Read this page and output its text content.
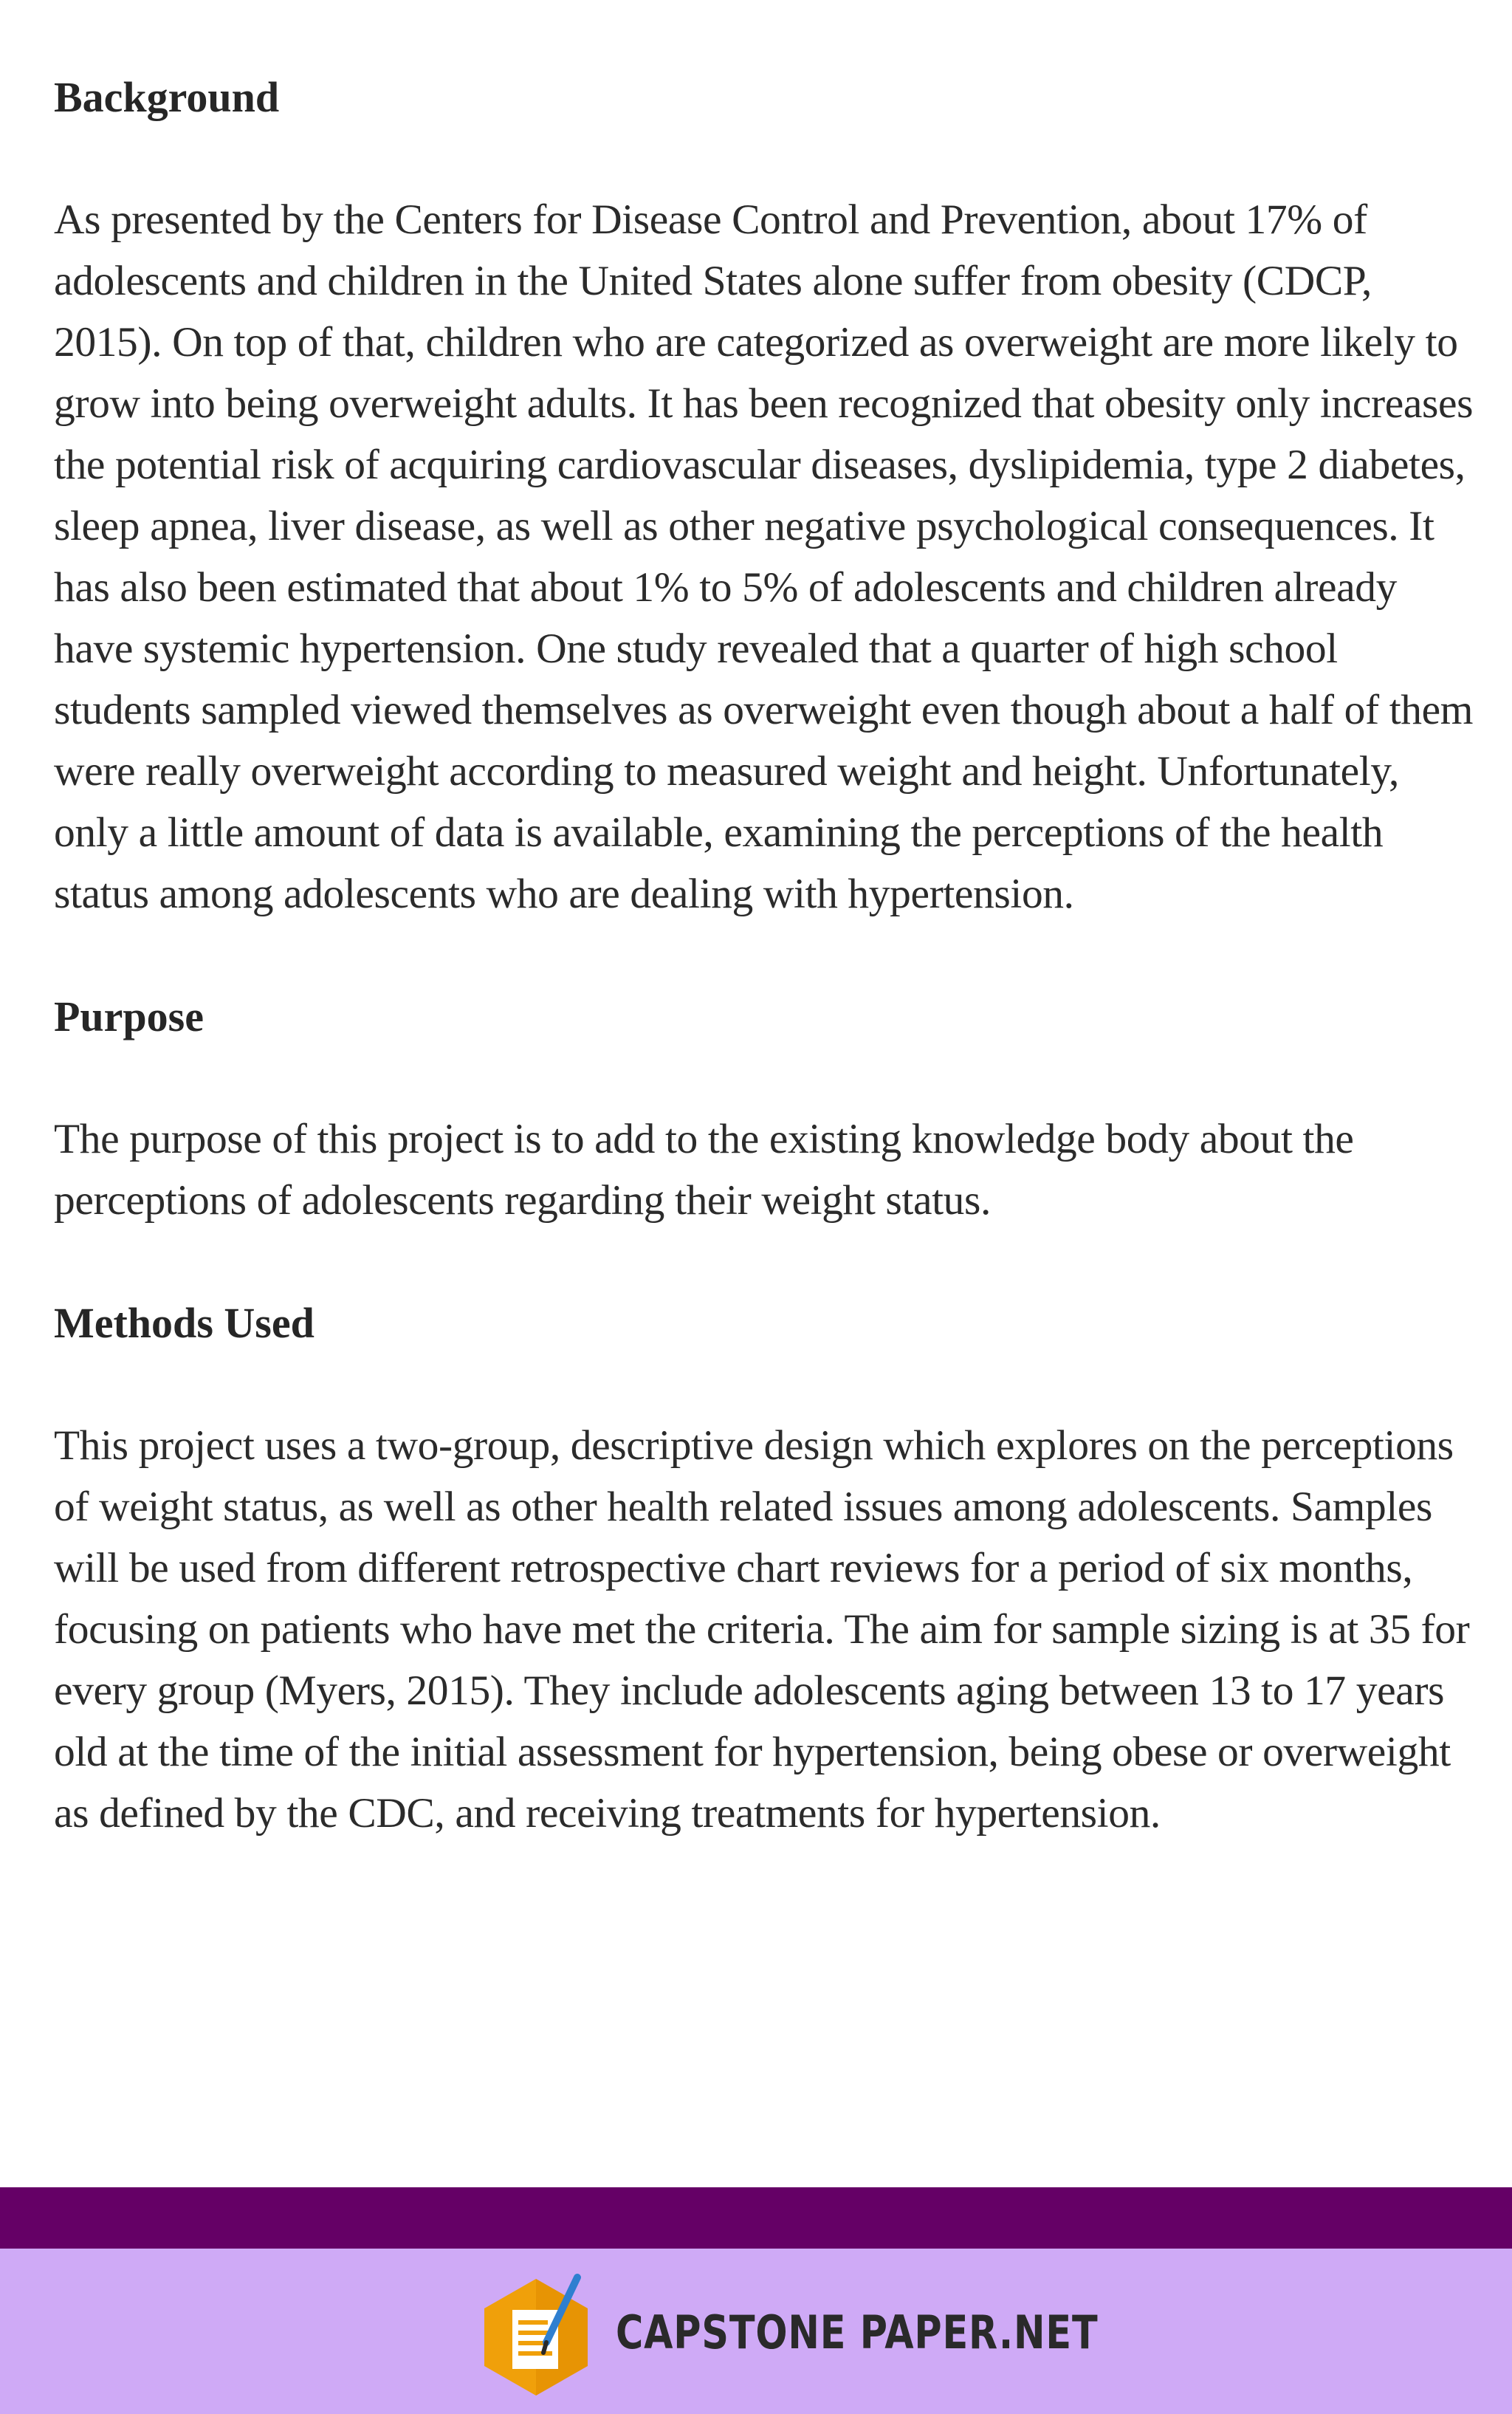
Background

As presented by the Centers for Disease Control and Prevention, about 17% of adolescents and children in the United States alone suffer from obesity (CDCP, 2015). On top of that, children who are categorized as overweight are more likely to grow into being overweight adults. It has been recognized that obesity only increases the potential risk of acquiring cardiovascular diseases, dyslipidemia, type 2 diabetes, sleep apnea, liver disease, as well as other negative psychological consequences. It has also been estimated that about 1% to 5% of adolescents and children already have systemic hypertension. One study revealed that a quarter of high school students sampled viewed themselves as overweight even though about a half of them were really overweight according to measured weight and height. Unfortunately, only a little amount of data is available, examining the perceptions of the health status among adolescents who are dealing with hypertension.

Purpose

The purpose of this project is to add to the existing knowledge body about the perceptions of adolescents regarding their weight status.

Methods Used

This project uses a two-group, descriptive design which explores on the perceptions of weight status, as well as other health related issues among adolescents. Samples will be used from different retrospective chart reviews for a period of six months, focusing on patients who have met the criteria. The aim for sample sizing is at 35 for every group (Myers, 2015). They include adolescents aging between 13 to 17 years old at the time of the initial assessment for hypertension, being obese or overweight as defined by the CDC, and receiving treatments for hypertension.

CAPSTONE PAPER.NET
